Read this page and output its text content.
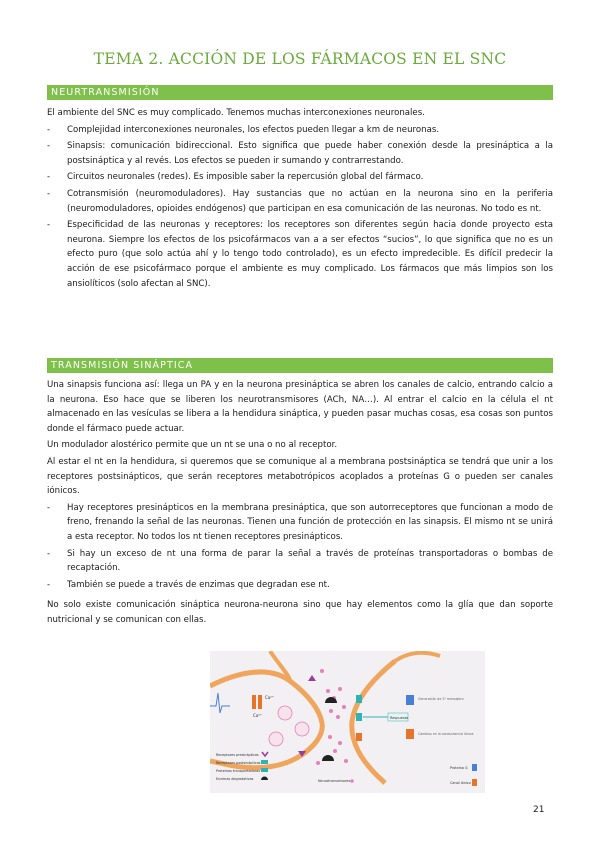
TEMA 2. ACCIÓN DE LOS FÁRMACOS EN EL SNC
NEURTRANSMISIÓN

El ambiente del SNC es muy complicado. Tenemos muchas interconexiones neuronales.

- Complejidad interconexiones neuronales, los efectos pueden llegar a km de neuronas.
- Sinapsis: comunicación bidireccional. Esto significa que puede haber conexión desde la presináptica a la postsináptica y al revés. Los efectos se pueden ir sumando y contrarrestando.
- Circuitos neuronales (redes). Es imposible saber la repercusión global del fármaco.
- Cotransmisión (neuromoduladores). Hay sustancias que no actúan en la neurona sino en la periferia (neuromoduladores, opioides endógenos) que participan en esa comunicación de las neuronas. No todo es nt.
- Especificidad de las neuronas y receptores: los receptores son diferentes según hacia donde proyecto esta neurona. Siempre los efectos de los psicofármacos van a a ser efectos “sucios”, lo que significa que no es un efecto puro (que solo actúa ahí y lo tengo todo controlado), es un efecto impredecible. Es difícil predecir la acción de ese psicofármaco porque el ambiente es muy complicado. Los fármacos que más limpios son los ansiolíticos (solo afectan al SNC).
TRANSMISIÓN SINÁPTICA

Una sinapsis funciona así: llega un PA y en la neurona presináptica se abren los canales de calcio, entrando calcio a la neurona. Eso hace que se liberen los neurotransmisores (ACh, NA…). Al entrar el calcio en la célula el nt almacenado en las vesículas se libera a la hendidura sináptica, y pueden pasar muchas cosas, esa cosas son puntos donde el fármaco puede actuar.

Un modulador alostérico permite que un nt se una o no al receptor.

Al estar el nt en la hendidura, si queremos que se comunique al a membrana postsináptica se tendrá que unir a los receptores postsinápticos, que serán receptores metabotrópicos acoplados a proteínas G o pueden ser canales iónicos.

- Hay receptores presinápticos en la membrana presináptica, que son autorreceptores que funcionan a modo de freno, frenando la señal de las neuronas. Tienen una función de protección en las sinapsis. El mismo nt se unirá a esta receptor. No todos los nt tienen receptores presinápticos.
- Si hay un exceso de nt una forma de parar la señal a través de proteínas transportadoras o bombas de recaptación.
- También se puede a través de enzimas que degradan ese nt.

No solo existe comunicación sináptica neurona-neurona sino que hay elementos como la glía que dan soporte nutricional y se comunican con ellas.

Ca²⁺
Ca²⁺	Respuesta
Generación de 2º mensajero
Cambios en la conductancia iónica
Receptores presinápticos
Receptores postsinápticos
Proteínas transportadoras
Enzimas degradativas	Neurotransmisores
Proteína G
Canal iónico
21
